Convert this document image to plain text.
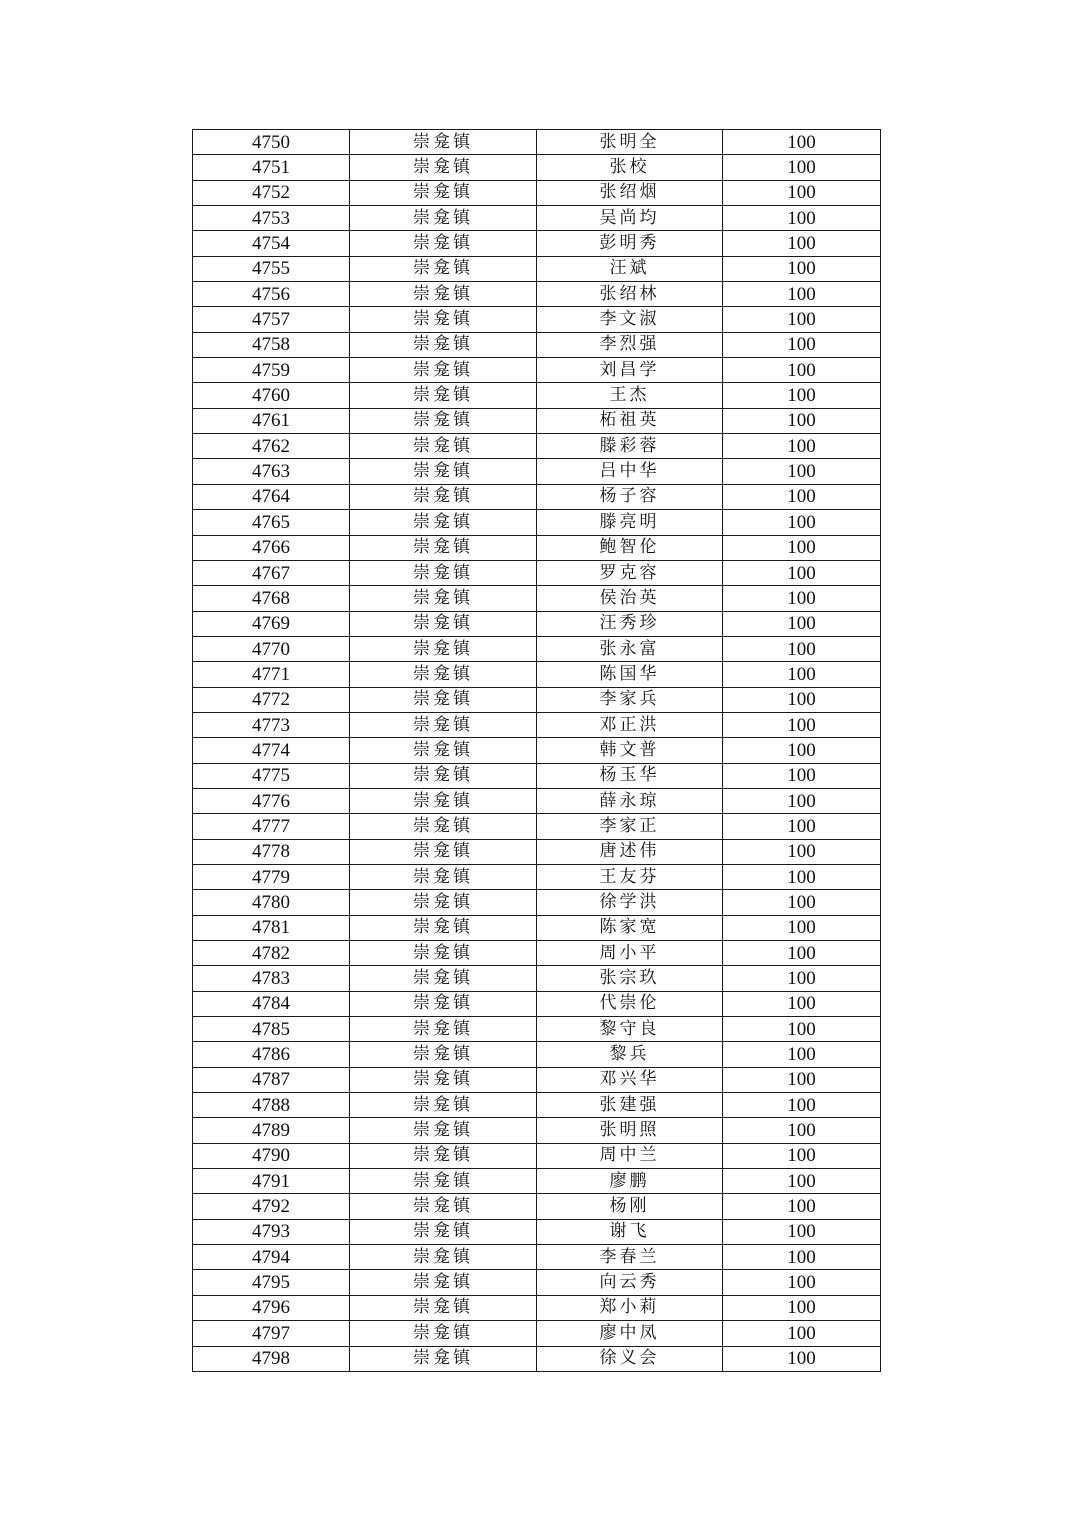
4750	崇龛镇	张明全	100
4751	崇龛镇	张校	100
4752	崇龛镇	张绍烟	100
4753	崇龛镇	吴尚均	100
4754	崇龛镇	彭明秀	100
4755	崇龛镇	汪斌	100
4756	崇龛镇	张绍林	100
4757	崇龛镇	李文淑	100
4758	崇龛镇	李烈强	100
4759	崇龛镇	刘昌学	100
4760	崇龛镇	王杰	100
4761	崇龛镇	柘祖英	100
4762	崇龛镇	滕彩蓉	100
4763	崇龛镇	吕中华	100
4764	崇龛镇	杨子容	100
4765	崇龛镇	滕亮明	100
4766	崇龛镇	鲍智伦	100
4767	崇龛镇	罗克容	100
4768	崇龛镇	侯治英	100
4769	崇龛镇	汪秀珍	100
4770	崇龛镇	张永富	100
4771	崇龛镇	陈国华	100
4772	崇龛镇	李家兵	100
4773	崇龛镇	邓正洪	100
4774	崇龛镇	韩文普	100
4775	崇龛镇	杨玉华	100
4776	崇龛镇	薛永琼	100
4777	崇龛镇	李家正	100
4778	崇龛镇	唐述伟	100
4779	崇龛镇	王友芬	100
4780	崇龛镇	徐学洪	100
4781	崇龛镇	陈家宽	100
4782	崇龛镇	周小平	100
4783	崇龛镇	张宗玖	100
4784	崇龛镇	代崇伦	100
4785	崇龛镇	黎守良	100
4786	崇龛镇	黎兵	100
4787	崇龛镇	邓兴华	100
4788	崇龛镇	张建强	100
4789	崇龛镇	张明照	100
4790	崇龛镇	周中兰	100
4791	崇龛镇	廖鹏	100
4792	崇龛镇	杨刚	100
4793	崇龛镇	谢飞	100
4794	崇龛镇	李春兰	100
4795	崇龛镇	向云秀	100
4796	崇龛镇	郑小莉	100
4797	崇龛镇	廖中凤	100
4798	崇龛镇	徐义会	100
